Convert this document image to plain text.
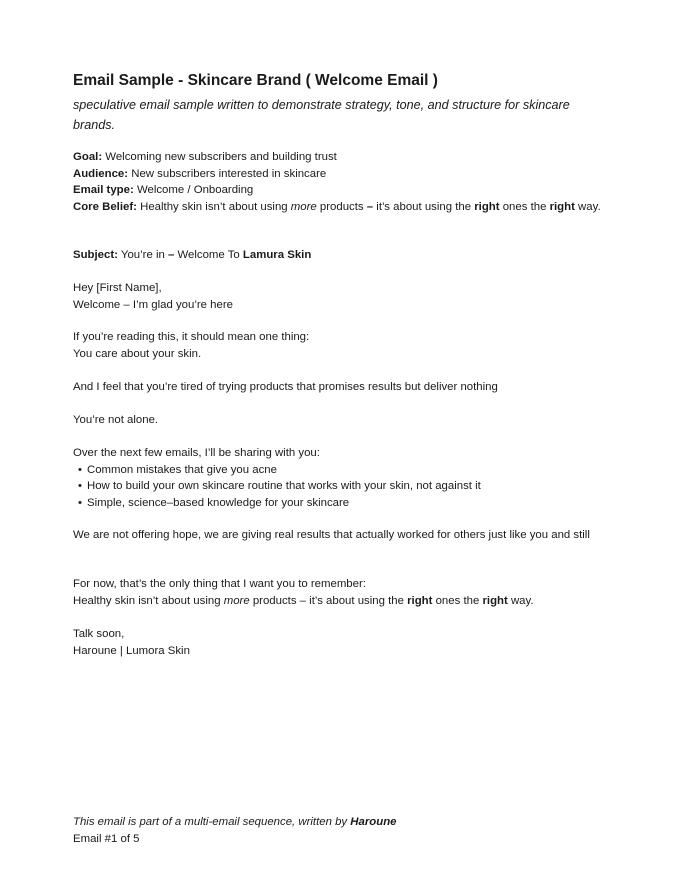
Email Sample - Skincare Brand ( Welcome Email )
speculative email sample written to demonstrate strategy, tone, and structure for skincare brands.

Goal: Welcoming new subscribers and building trust

Audience: New subscribers interested in skincare

Email type: Welcome / Onboarding

Core Belief: Healthy skin isn’t about using more products – it’s about using the right ones the right way.

Subject: You’re in – Welcome To Lamura Skin

Hey [First Name],

Welcome – I’m glad you’re here

If you’re reading this, it should mean one thing:

You care about your skin.

And I feel that you’re tired of trying products that promises results but deliver nothing

You’re not alone.

Over the next few emails, I’ll be sharing with you:

• Common mistakes that give you acne
• How to build your own skincare routine that works with your skin, not against it
• Simple, science–based knowledge for your skincare

We are not offering hope, we are giving real results that actually worked for others just like you and still

For now, that’s the only thing that I want you to remember:

Healthy skin isn’t about using more products – it’s about using the right ones the right way.

Talk soon,

Haroune | Lumora Skin

This email is part of a multi-email sequence, written by Haroune

Email #1 of 5
